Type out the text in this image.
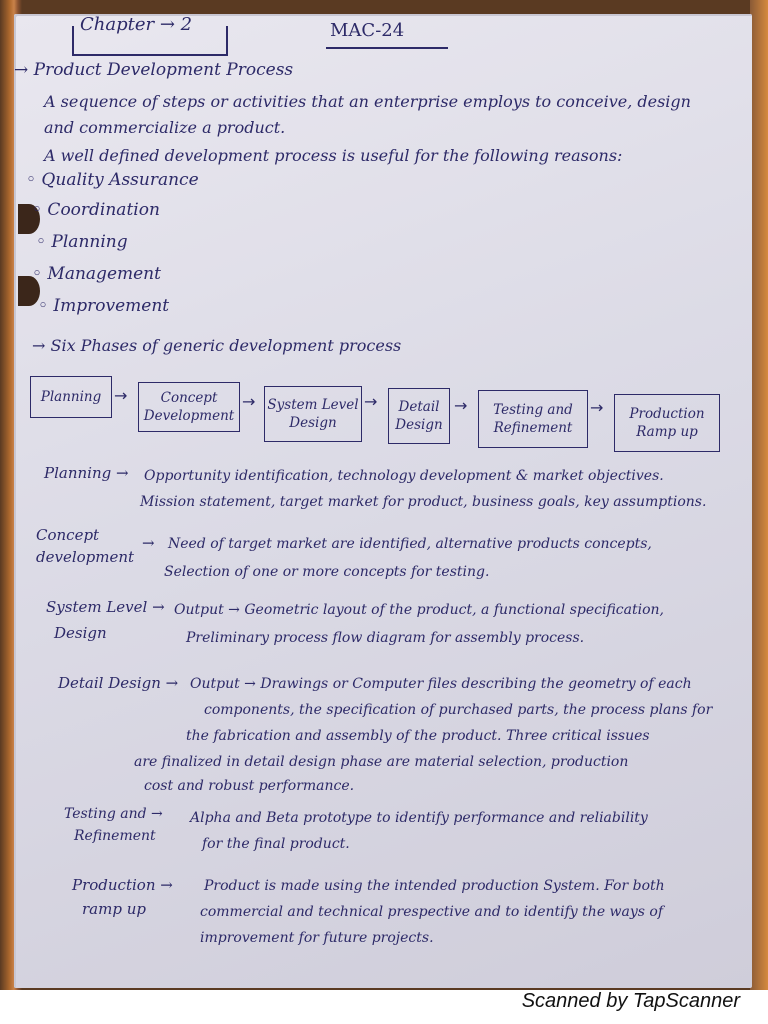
Chapter → 2	MAC-24
→ Product Development Process
A sequence of steps or activities that an enterprise employs to conceive, design
and commercialize a product.
A well defined development process is useful for the following reasons:
◦ Quality Assurance
◦ Coordination
◦ Planning
◦ Management
◦ Improvement
→ Six Phases of generic development process
Planning → Concept
Development
→ System Level
Design
→ Detail
Design
→ Testing and
Refinement
→ Production
Ramp up
Planning → Opportunity identification, technology development & market objectives.
Mission statement, target market for product, business goals, key assumptions.
Concept
development
→ Need of target market are identified, alternative products concepts,
Selection of one or more concepts for testing.
System Level →
Design
Output → Geometric layout of the product, a functional specification,
Preliminary process flow diagram for assembly process.
Detail Design → Output → Drawings or Computer files describing the geometry of each
components, the specification of purchased parts, the process plans for
the fabrication and assembly of the product. Three critical issues
are finalized in detail design phase are material selection, production
cost and robust performance.
Testing and →
Refinement
Alpha and Beta prototype to identify performance and reliability
for the final product.
Production →
ramp up
Product is made using the intended production System. For both
commercial and technical prespective and to identify the ways of
improvement for future projects.
Scanned by TapScanner
